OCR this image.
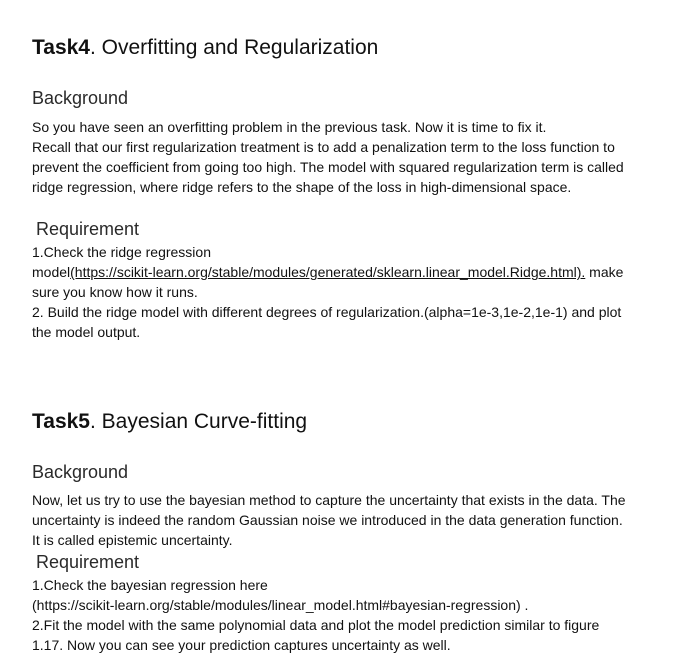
Task4. Overfitting and Regularization
Background

So you have seen an overfitting problem in the previous task. Now it is time to fix it.

Recall that our first regularization treatment is to add a penalization term to the loss function to

prevent the coefficient from going too high. The model with squared regularization term is called

ridge regression, where ridge refers to the shape of the loss in high-dimensional space.

Requirement

1.Check the ridge regression

model(https://scikit-learn.org/stable/modules/generated/sklearn.linear_model.Ridge.html). make

sure you know how it runs.

2. Build the ridge model with different degrees of regularization.(alpha=1e-3,1e-2,1e-1) and plot

the model output.

Task5. Bayesian Curve-fitting
Background

Now, let us try to use the bayesian method to capture the uncertainty that exists in the data. The

uncertainty is indeed the random Gaussian noise we introduced in the data generation function.

It is called epistemic uncertainty.

Requirement

1.Check the bayesian regression here

(https://scikit-learn.org/stable/modules/linear_model.html#bayesian-regression) .

2.Fit the model with the same polynomial data and plot the model prediction similar to figure

1.17. Now you can see your prediction captures uncertainty as well.
